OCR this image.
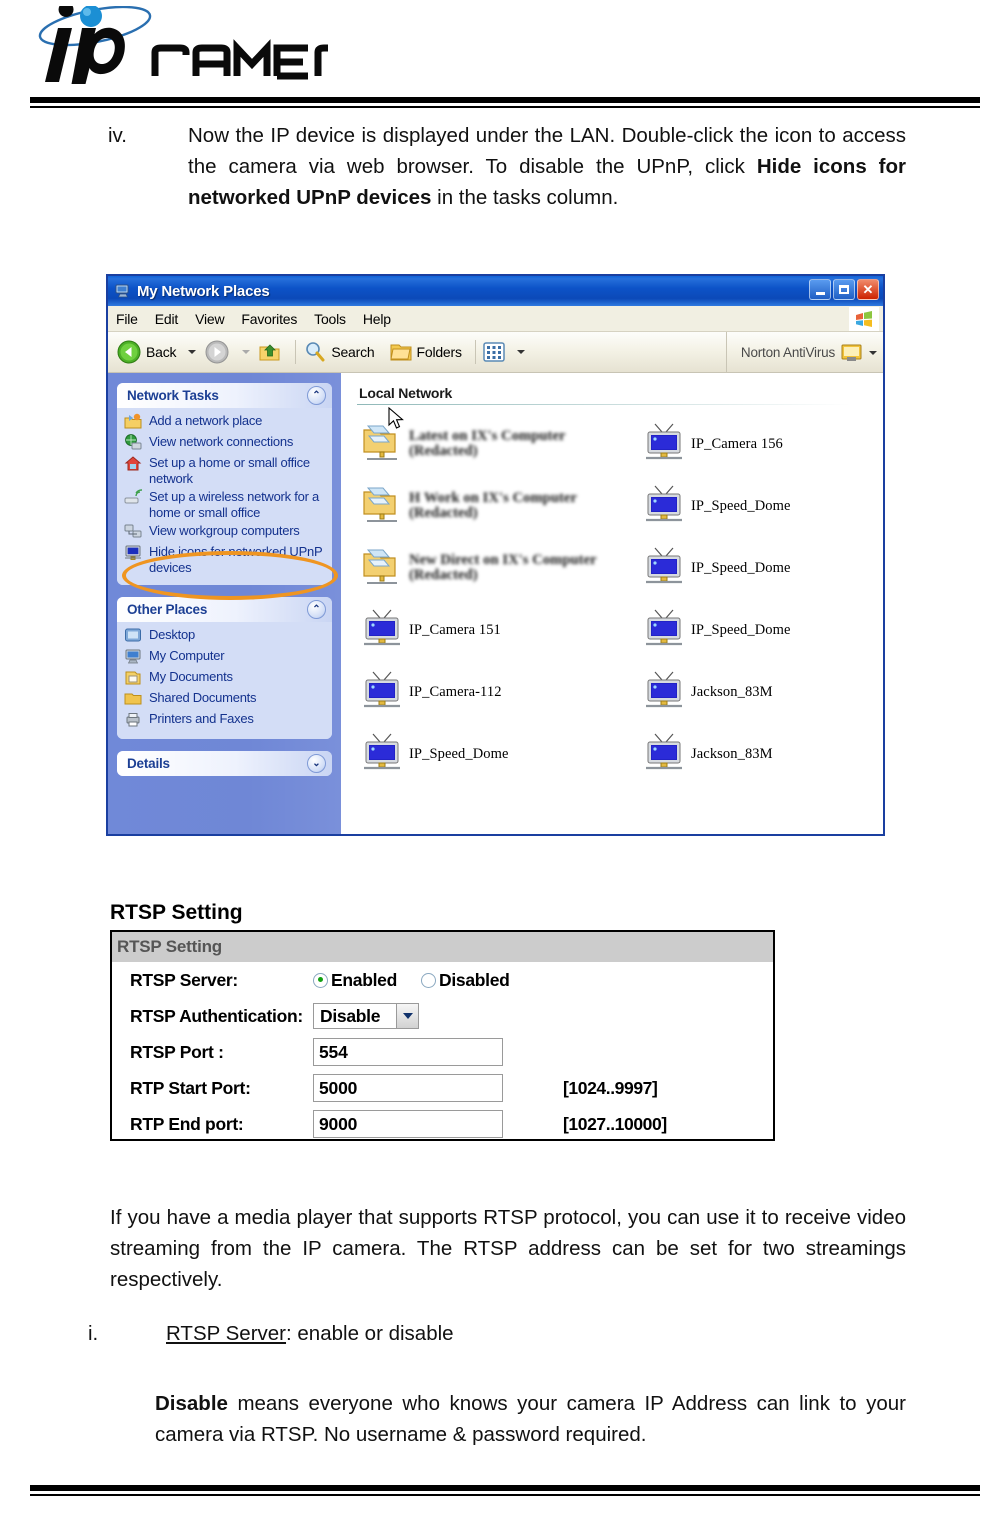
iv.	Now the IP device is displayed under the LAN. Double-click the icon to access the camera via web browser. To disable the UPnP, click Hide icons for networked UPnP devices in the tasks column.
My Network Places	✕
File Edit View Favorites Tools Help
Back	Search	Folders	Norton AntiVirus
Network Tasks	⌃
Add a network place
View network connections
Set up a home or small office network
Set up a wireless network for a home or small office
View workgroup computers
Hide icons for networked UPnP devices
Other Places	⌃
Desktop
My Computer
My Documents
Shared Documents
Printers and Faxes
Details	⌄
Local Network
Latest on IX's Computer (Redacted)	IP_Camera 156
H Work on IX's Computer (Redacted)	IP_Speed_Dome
New Direct on IX's Computer (Redacted)	IP_Speed_Dome
IP_Camera 151	IP_Speed_Dome
IP_Camera-112	Jackson_83M
IP_Speed_Dome	Jackson_83M
RTSP Setting
RTSP Setting
RTSP Server:	Enabled Disabled
RTSP Authentication: Disable
RTSP Port :	554
RTP Start Port:	5000	[1024..9997]
RTP End port:	9000	[1027..10000]
If you have a media player that supports RTSP protocol, you can use it to receive video streaming from the IP camera. The RTSP address can be set for two streamings respectively.
i.	RTSP Server: enable or disable
Disable means everyone who knows your camera IP Address can link to your camera via RTSP. No username & password required.
